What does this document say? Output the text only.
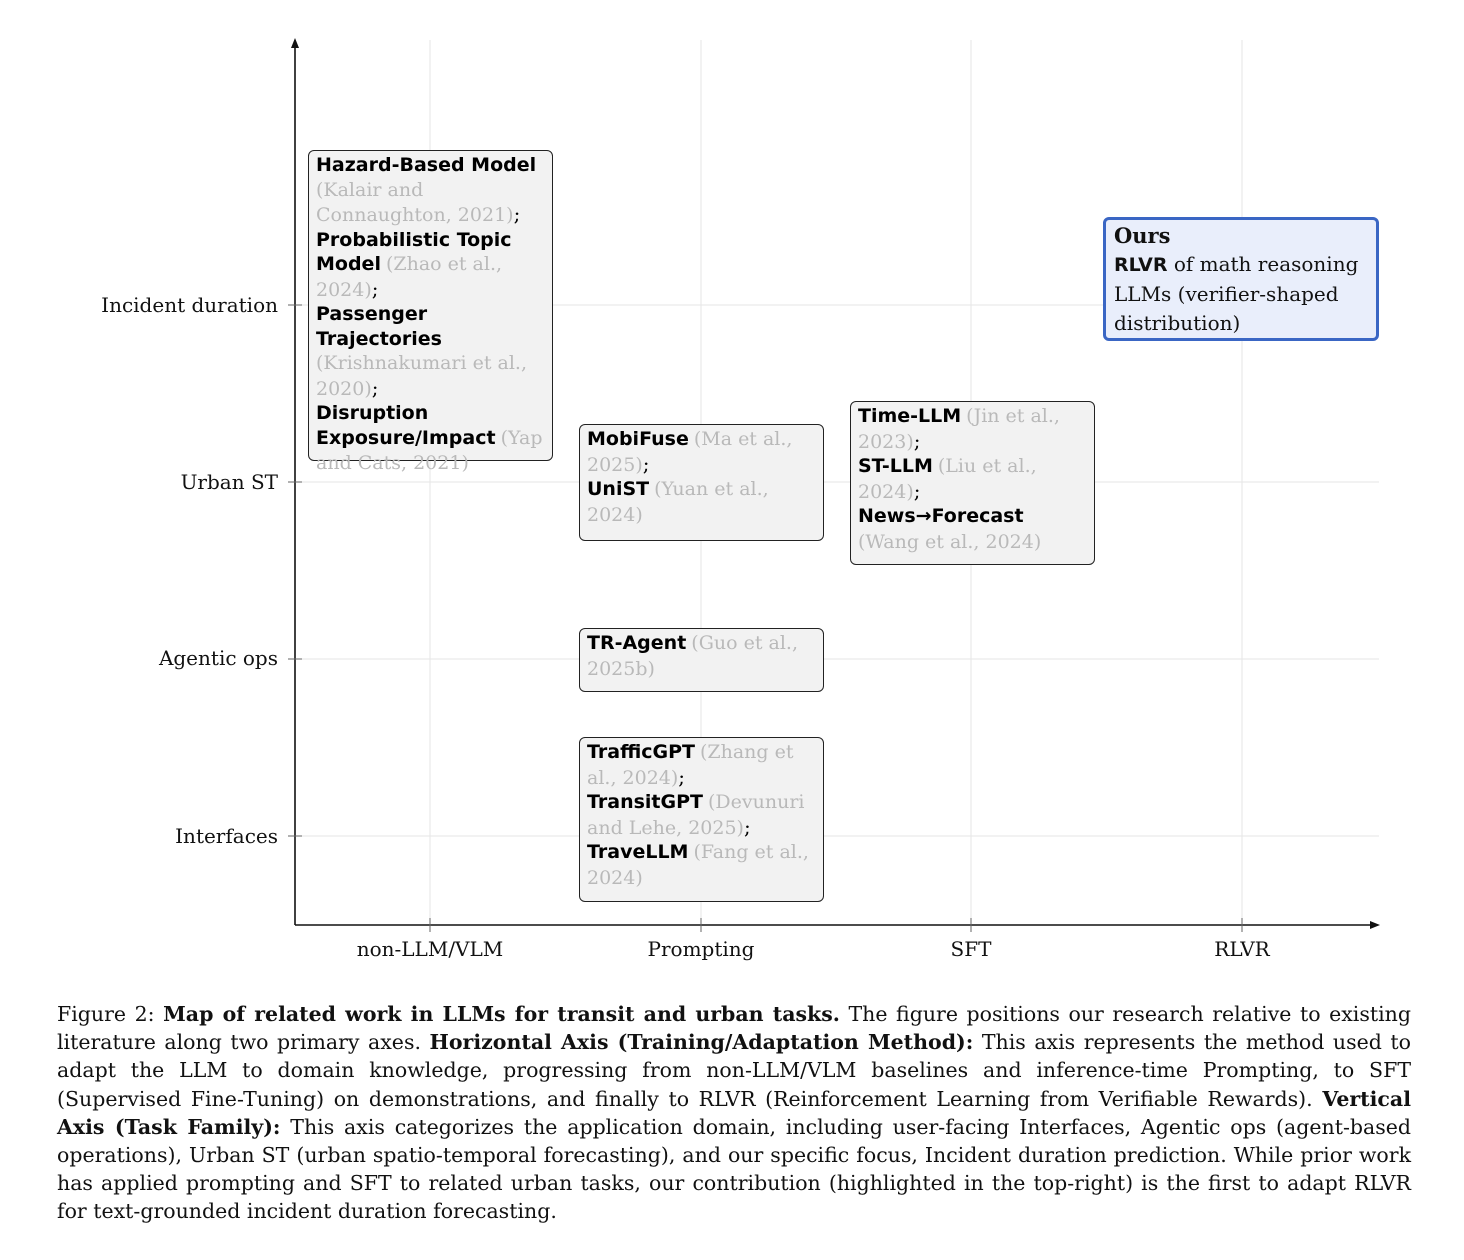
Incident duration
Urban ST
Agentic ops
Interfaces
non-LLM/VLM	Prompting	SFT	RLVR
Hazard-Based Model (Kalair and Connaughton, 2021);
Probabilistic Topic Model (Zhao et al., 2024);
Passenger Trajectories (Krishnakumari et al., 2020);
Disruption Exposure/Impact (Yap and Cats, 2021)
MobiFuse (Ma et al., 2025);
UniST (Yuan et al., 2024)
Time-LLM (Jin et al., 2023);
ST-LLM (Liu et al., 2024);
News→Forecast (Wang et al., 2024)
TR-Agent (Guo et al., 2025b)
TrafficGPT (Zhang et al., 2024);
TransitGPT (Devunuri and Lehe, 2025);
TraveLLM (Fang et al., 2024)
Ours
RLVR of math reasoning LLMs (verifier-shaped distribution)
Figure 2: Map of related work in LLMs for transit and urban tasks. The figure positions our research relative to existing literature along two primary axes. Horizontal Axis (Training/Adaptation Method): This axis represents the method used to adapt the LLM to domain knowledge, progressing from non-LLM/VLM baselines and inference-time Prompting, to SFT (Supervised Fine-Tuning) on demonstrations, and finally to RLVR (Reinforcement Learning from Verifiable Rewards). Vertical Axis (Task Family): This axis categorizes the application domain, including user-facing Interfaces, Agentic ops (agent-based operations), Urban ST (urban spatio-temporal forecasting), and our specific focus, Incident duration prediction. While prior work has applied prompting and SFT to related urban tasks, our contribution (highlighted in the top-right) is the first to adapt RLVR for text-grounded incident duration forecasting.
